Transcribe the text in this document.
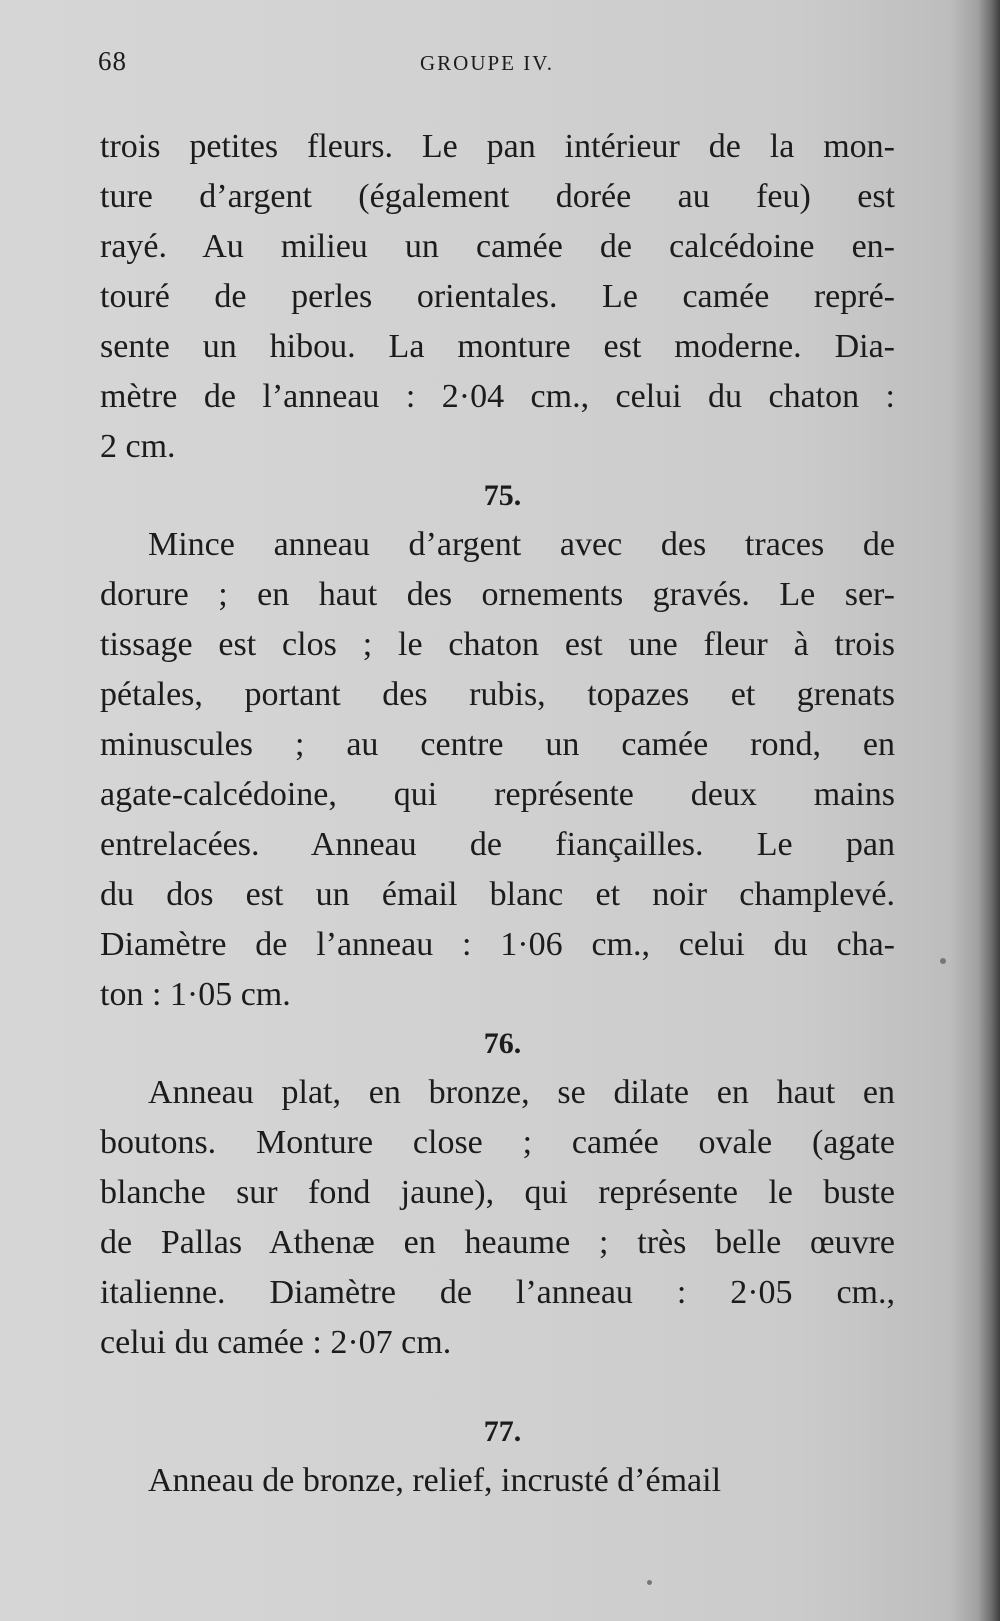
68	GROUPE IV.
trois petites fleurs. Le pan intérieur de la mon-
ture d’argent (également dorée au feu) est
rayé. Au milieu un camée de calcédoine en-
touré de perles orientales. Le camée repré-
sente un hibou. La monture est moderne. Dia-
mètre de l’anneau : 2·04 cm., celui du chaton :
2 cm.
75.
Mince anneau d’argent avec des traces de
dorure ; en haut des ornements gravés. Le ser-
tissage est clos ; le chaton est une fleur à trois
pétales, portant des rubis, topazes et grenats
minuscules ; au centre un camée rond, en
agate-calcédoine, qui représente deux mains
entrelacées. Anneau de fiançailles. Le pan
du dos est un émail blanc et noir champlevé.
Diamètre de l’anneau : 1·06 cm., celui du cha-
ton : 1·05 cm.
76.
Anneau plat, en bronze, se dilate en haut en
boutons. Monture close ; camée ovale (agate
blanche sur fond jaune), qui représente le buste
de Pallas Athenæ en heaume ; très belle œuvre
italienne. Diamètre de l’anneau : 2·05 cm.,
celui du camée : 2·07 cm.
77.
Anneau de bronze, relief, incrusté d’émail
